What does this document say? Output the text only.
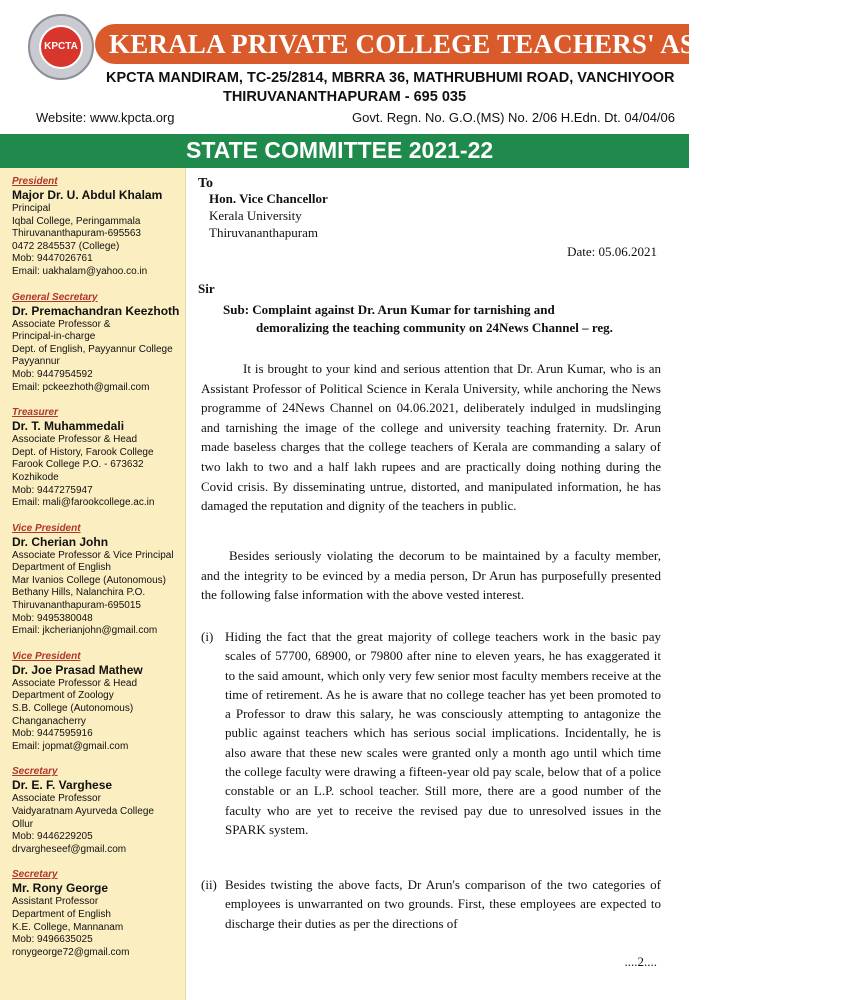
KPCTA KERALA PRIVATE COLLEGE TEACHERS' ASSOCIATION
KPCTA MANDIRAM, TC-25/2814, MBRRA 36, MATHRUBHUMI ROAD, VANCHIYOOR
THIRUVANANTHAPURAM - 695 035
Website: www.kpcta.org	Govt. Regn. No. G.O.(MS) No. 2/06 H.Edn. Dt. 04/04/06
STATE COMMITTEE 2021-22
President
Major Dr. U. Abdul Khalam
Principal
Iqbal College, Peringammala
Thiruvananthapuram-695563
0472 2845537 (College)
Mob: 9447026761
Email: uakhalam@yahoo.co.in
General Secretary
Dr. Premachandran Keezhoth
Associate Professor &
Principal-in-charge
Dept. of English, Payyannur College
Payyannur
Mob: 9447954592
Email: pckeezhoth@gmail.com
Treasurer
Dr. T. Muhammedali
Associate Professor & Head
Dept. of History, Farook College
Farook College P.O. - 673632
Kozhikode
Mob: 9447275947
Email: mali@farookcollege.ac.in
Vice President
Dr. Cherian John
Associate Professor & Vice Principal
Department of English
Mar Ivanios College (Autonomous)
Bethany Hills, Nalanchira P.O.
Thiruvananthapuram-695015
Mob: 9495380048
Email: jkcherianjohn@gmail.com
Vice President
Dr. Joe Prasad Mathew
Associate Professor & Head
Department of Zoology
S.B. College (Autonomous)
Changanacherry
Mob: 9447595916
Email: jopmat@gmail.com
Secretary
Dr. E. F. Varghese
Associate Professor
Vaidyaratnam Ayurveda College
Ollur
Mob: 9446229205
drvargheseef@gmail.com
Secretary
Mr. Rony George
Assistant Professor
Department of English
K.E. College, Mannanam
Mob: 9496635025
ronygeorge72@gmail.com
To
Hon. Vice Chancellor
Kerala University
Thiruvananthapuram
Date: 05.06.2021
Sir
Sub: Complaint against Dr. Arun Kumar for tarnishing and
demoralizing the teaching community on 24News Channel – reg.
It is brought to your kind and serious attention that Dr. Arun Kumar, who is an Assistant Professor of Political Science in Kerala University, while anchoring the News programme of 24News Channel on 04.06.2021, deliberately indulged in mudslinging and tarnishing the image of the college and university teaching fraternity. Dr. Arun made baseless charges that the college teachers of Kerala are commanding a salary of two lakh to two and a half lakh rupees and are practically doing nothing during the Covid crisis. By disseminating untrue, distorted, and manipulated information, he has damaged the reputation and dignity of the teachers in public.
Besides seriously violating the decorum to be maintained by a faculty member, and the integrity to be evinced by a media person, Dr Arun has purposefully presented the following false information with the above vested interest.
(i) Hiding the fact that the great majority of college teachers work in the basic pay scales of 57700, 68900, or 79800 after nine to eleven years, he has exaggerated it to the said amount, which only very few senior most faculty members receive at the time of retirement. As he is aware that no college teacher has yet been promoted to a Professor to draw this salary, he was consciously attempting to antagonize the public against teachers which has serious social implications. Incidentally, he is also aware that these new scales were granted only a month ago until which time the college faculty were drawing a fifteen-year old pay scale, below that of a police constable or an L.P. school teacher. Still more, there are a good number of the faculty who are yet to receive the revised pay due to unresolved issues in the SPARK system.
(ii) Besides twisting the above facts, Dr Arun's comparison of the two categories of employees is unwarranted on two grounds. First, these employees are expected to discharge their duties as per the directions of
....2....
